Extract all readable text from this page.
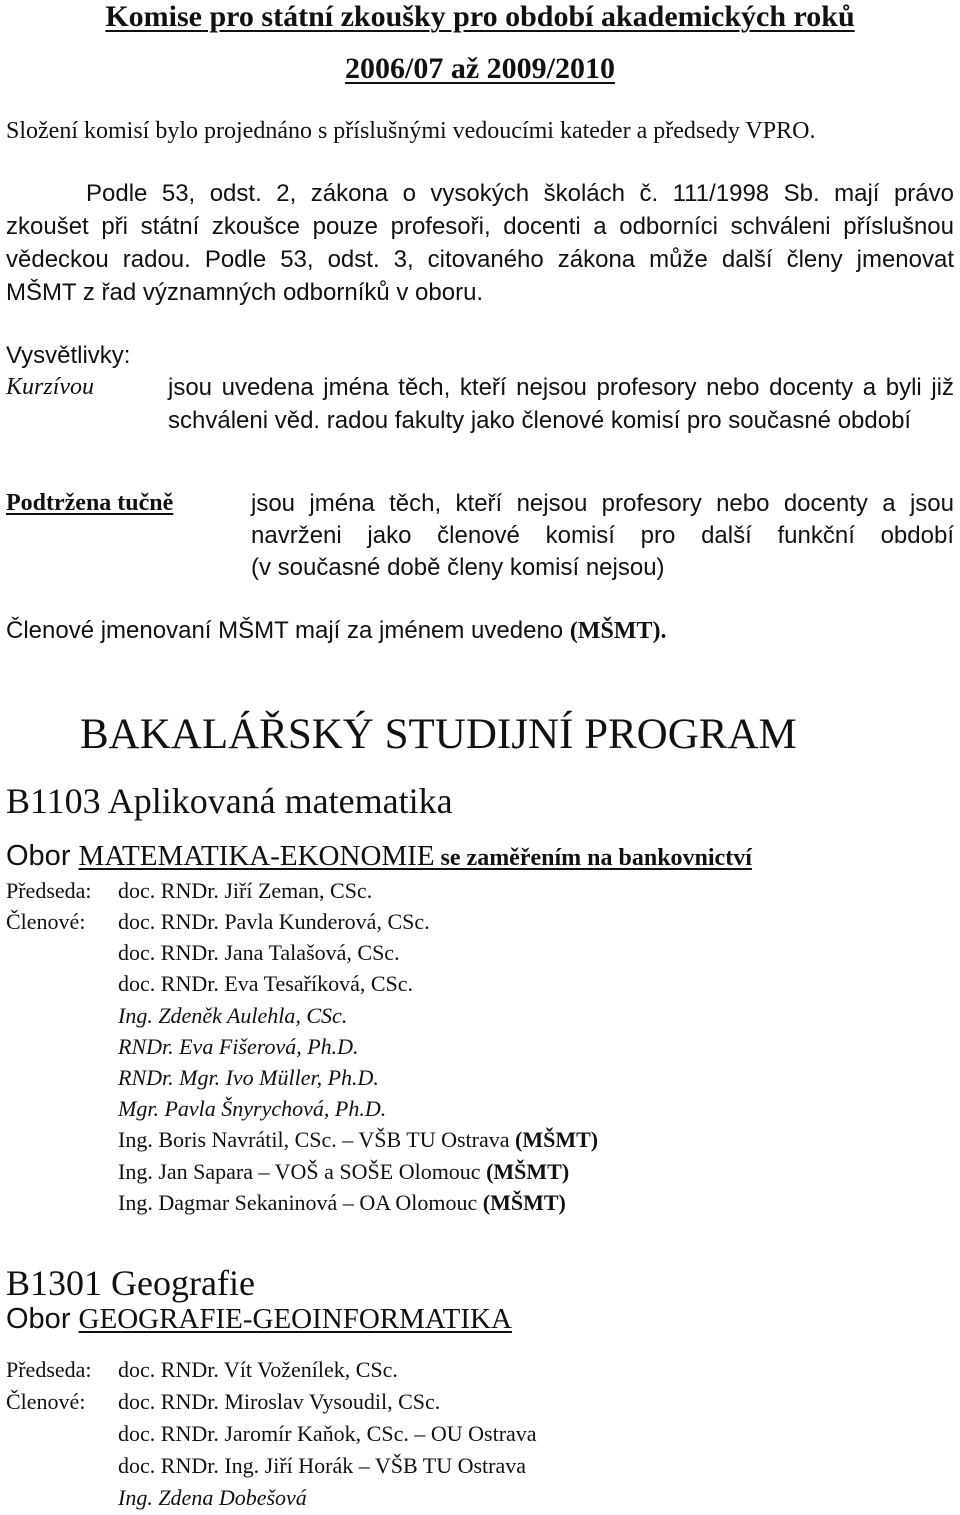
Komise pro státní zkoušky pro období akademických roků
2006/07 až 2009/2010
Složení komisí bylo projednáno s příslušnými vedoucími kateder a předsedy VPRO.
Podle 53, odst. 2, zákona o vysokých školách č. 111/1998 Sb. mají právo
zkoušet při státní zkoušce pouze profesoři, docenti a odborníci schváleni příslušnou
vědeckou radou. Podle 53, odst. 3, citovaného zákona může další členy jmenovat
MŠMT z řad významných odborníků v oboru.
Vysvětlivky:
Kurzívou	jsou uvedena jména těch, kteří nejsou profesory nebo docenty a byli již
schváleni věd. radou fakulty jako členové komisí pro současné období
Podtržena tučně	jsou jména těch, kteří nejsou profesory nebo docenty a jsou
navrženi jako členové komisí pro další funkční období
(v současné době členy komisí nejsou)
Členové jmenovaní MŠMT mají za jménem uvedeno (MŠMT).
BAKALÁŘSKÝ STUDIJNÍ PROGRAM
B1103 Aplikovaná matematika
Obor MATEMATIKA-EKONOMIE se zaměřením na bankovnictví
Předseda: doc. RNDr. Jiří Zeman, CSc.
Členové: doc. RNDr. Pavla Kunderová, CSc.
doc. RNDr. Jana Talašová, CSc.
doc. RNDr. Eva Tesaříková, CSc.
Ing. Zdeněk Aulehla, CSc.
RNDr. Eva Fišerová, Ph.D.
RNDr. Mgr. Ivo Müller, Ph.D.
Mgr. Pavla Šnyrychová, Ph.D.
Ing. Boris Navrátil, CSc. – VŠB TU Ostrava (MŠMT)
Ing. Jan Sapara – VOŠ a SOŠE Olomouc (MŠMT)
Ing. Dagmar Sekaninová – OA Olomouc (MŠMT)
B1301 Geografie
Obor GEOGRAFIE-GEOINFORMATIKA
Předseda: doc. RNDr. Vít Voženílek, CSc.
Členové: doc. RNDr. Miroslav Vysoudil, CSc.
doc. RNDr. Jaromír Kaňok, CSc. – OU Ostrava
doc. RNDr. Ing. Jiří Horák – VŠB TU Ostrava
Ing. Zdena Dobešová
